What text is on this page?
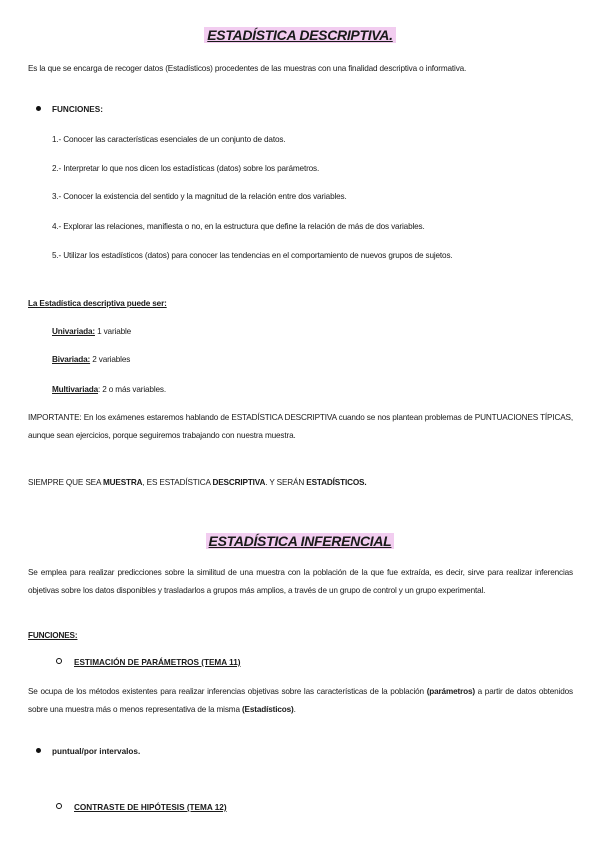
ESTADÍSTICA DESCRIPTIVA.
Es la que se encarga de recoger datos (Estadísticos) procedentes de las muestras con una finalidad descriptiva o informativa.
FUNCIONES:
1.- Conocer las características esenciales de un conjunto de datos.
2.- Interpretar lo que nos dicen los estadísticas (datos) sobre los parámetros.
3.- Conocer la existencia del sentido y la magnitud de la relación entre dos variables.
4.- Explorar las relaciones, manifiesta o no, en la estructura que define la relación de más de dos variables.
5.- Utilizar los estadísticos (datos) para conocer las tendencias en el comportamiento de nuevos grupos de sujetos.
La Estadística descriptiva puede ser:
Univariada: 1 variable
Bivariada: 2 variables
Multivariada: 2 o más variables.
IMPORTANTE: En los exámenes estaremos hablando de ESTADÍSTICA DESCRIPTIVA cuando se nos plantean problemas de PUNTUACIONES TÍPICAS, aunque sean ejercicios, porque seguiremos trabajando con nuestra muestra.
SIEMPRE QUE SEA MUESTRA, ES ESTADÍSTICA DESCRIPTIVA. Y SERÁN ESTADÍSTICOS.
ESTADÍSTICA INFERENCIAL
Se emplea para realizar predicciones sobre la similitud de una muestra con la población de la que fue extraída, es decir, sirve para realizar inferencias objetivas sobre los datos disponibles y trasladarlos a grupos más amplios, a través de un grupo de control y un grupo experimental.
FUNCIONES:
ESTIMACIÓN DE PARÁMETROS (TEMA 11)
Se ocupa de los métodos existentes para realizar inferencias objetivas sobre las características de la población (parámetros) a partir de datos obtenidos sobre una muestra más o menos representativa de la misma (Estadísticos).
puntual/por intervalos.
CONTRASTE DE HIPÓTESIS (TEMA 12)
